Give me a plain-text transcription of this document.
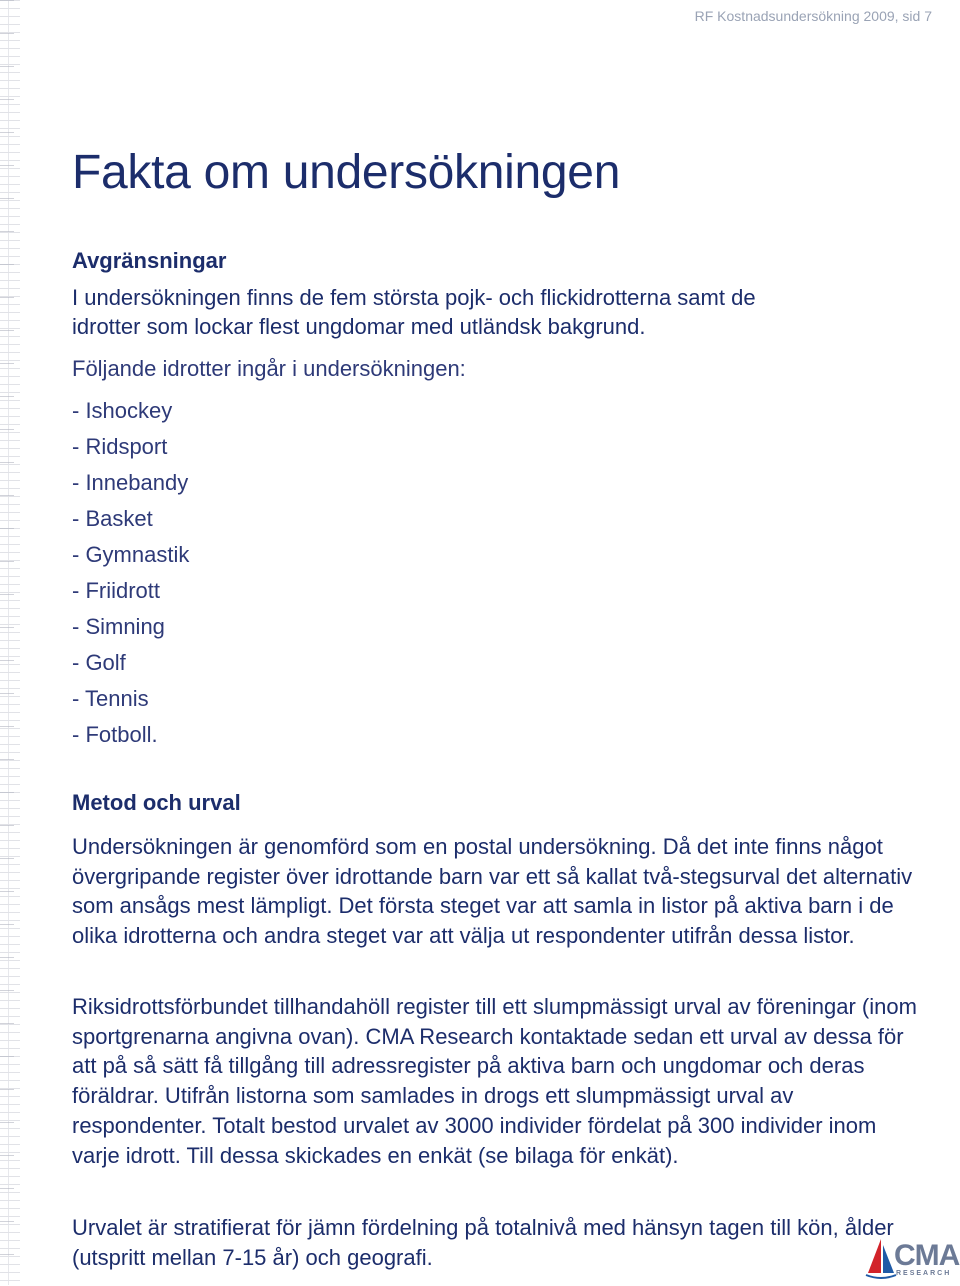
RF Kostnadsundersökning 2009, sid 7
Fakta om undersökningen
Avgränsningar

I undersökningen finns de fem största pojk- och flickidrotterna samt de

idrotter som lockar flest ungdomar med utländsk bakgrund.

Följande idrotter ingår i undersökningen:

- Ishockey
- Ridsport
- Innebandy
- Basket
- Gymnastik
- Friidrott
- Simning
- Golf
- Tennis
- Fotboll.
Metod och urval

Undersökningen är genomförd som en postal undersökning. Då det inte finns något övergripande register över idrottande barn var ett så kallat två-stegsurval det alternativ som ansågs mest lämpligt. Det första steget var att samla in listor på aktiva barn i de olika idrotterna och andra steget var att välja ut respondenter utifrån dessa listor.

Riksidrottsförbundet tillhandahöll register till ett slumpmässigt urval av föreningar (inom sportgrenarna angivna ovan). CMA Research kontaktade sedan ett urval av dessa för att på så sätt få tillgång till adressregister på aktiva barn och ungdomar och deras föräldrar. Utifrån listorna som samlades in drogs ett slumpmässigt urval av respondenter. Totalt bestod urvalet av 3000 individer fördelat på 300 individer inom varje idrott. Till dessa skickades en enkät (se bilaga för enkät).

Urvalet är stratifierat för jämn fördelning på totalnivå med hänsyn tagen till kön, ålder (utspritt mellan 7-15 år) och geografi.	CMA
RESEARCH
